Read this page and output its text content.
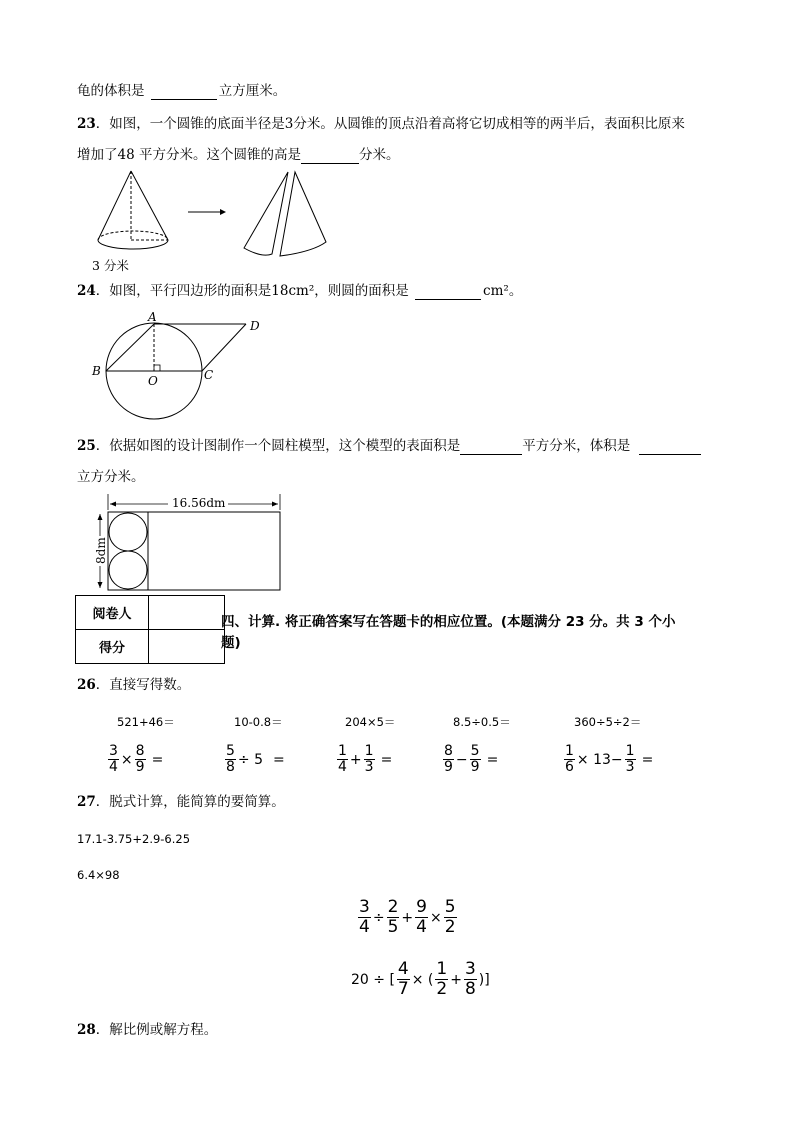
龟的体积是	立方厘米。
23．如图，一个圆锥的底面半径是3分米。从圆锥的顶点沿着高将它切成相等的两半后，表面积比原来
增加了48 平方分米。这个圆锥的高是	分米。
3 分米
24．如图，平行四边形的面积是18cm²，则圆的面积是	cm²。
A
B	C
D
O
25．依据如图的设计图制作一个圆柱模型，这个模型的表面积是	平方分米，体积是
立方分米。
16.56dm
8dm
阅卷人	
得分	
四、计算. 将正确答案写在答题卡的相应位置。(本题满分 23 分。共 3 个小
题)
26．直接写得数。
521+46＝	10-0.8＝	204×5＝	8.5÷0.5＝	360÷5÷2＝
$\frac{3}{4} \times \frac{8}{9}$ =	$\frac{5}{8} \div 5$ =	$\frac{1}{4} + \frac{1}{3}$ =	$\frac{8}{9} - \frac{5}{9}$ =	$\frac{1}{6} \times 13- \frac{1}{3}$ =
27．脱式计算，能简算的要简算。
17.1-3.75+2.9-6.25
6.4×98
$\frac{3}{4} \div \frac{2}{5} + \frac{9}{4} \times \frac{5}{2}$
20 ÷ [ $\frac{4}{7}$ × ( $\frac{1}{2} + \frac{3}{8}$ )]
28．解比例或解方程。
